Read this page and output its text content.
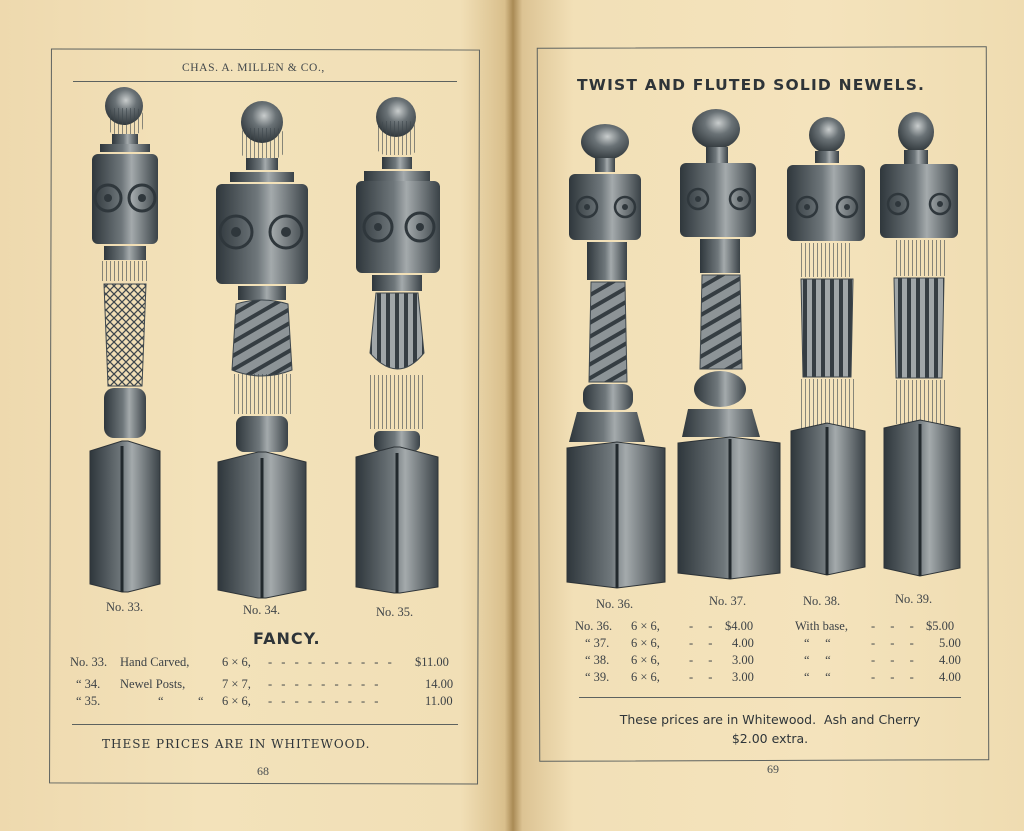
CHAS. A. MILLEN & CO.,
No. 33.	No. 34.	No. 35.
FANCY.
No. 33. Hand Carved,	6 × 6, - - - - - - - - - - $11.00
“ 34. Newel Posts,	7 × 7, - - - - - - - - -	14.00
“ 35.	“	“ 6 × 6, - - - - - - - - -	11.00
THESE PRICES ARE IN WHITEWOOD.
68
TWIST AND FLUTED SOLID NEWELS.
No. 36.	No. 37.	No. 38.	No. 39.
No. 36. 6 × 6, - - $4.00	With base, - - - $5.00
“ 37. 6 × 6, - - 4.00	“     “	- - - 5.00
“ 38. 6 × 6, - - 3.00	“     “	- - - 4.00
“ 39. 6 × 6, - - 3.00	“     “	- - - 4.00
These prices are in Whitewood.  Ash and Cherry
$2.00 extra.
69
